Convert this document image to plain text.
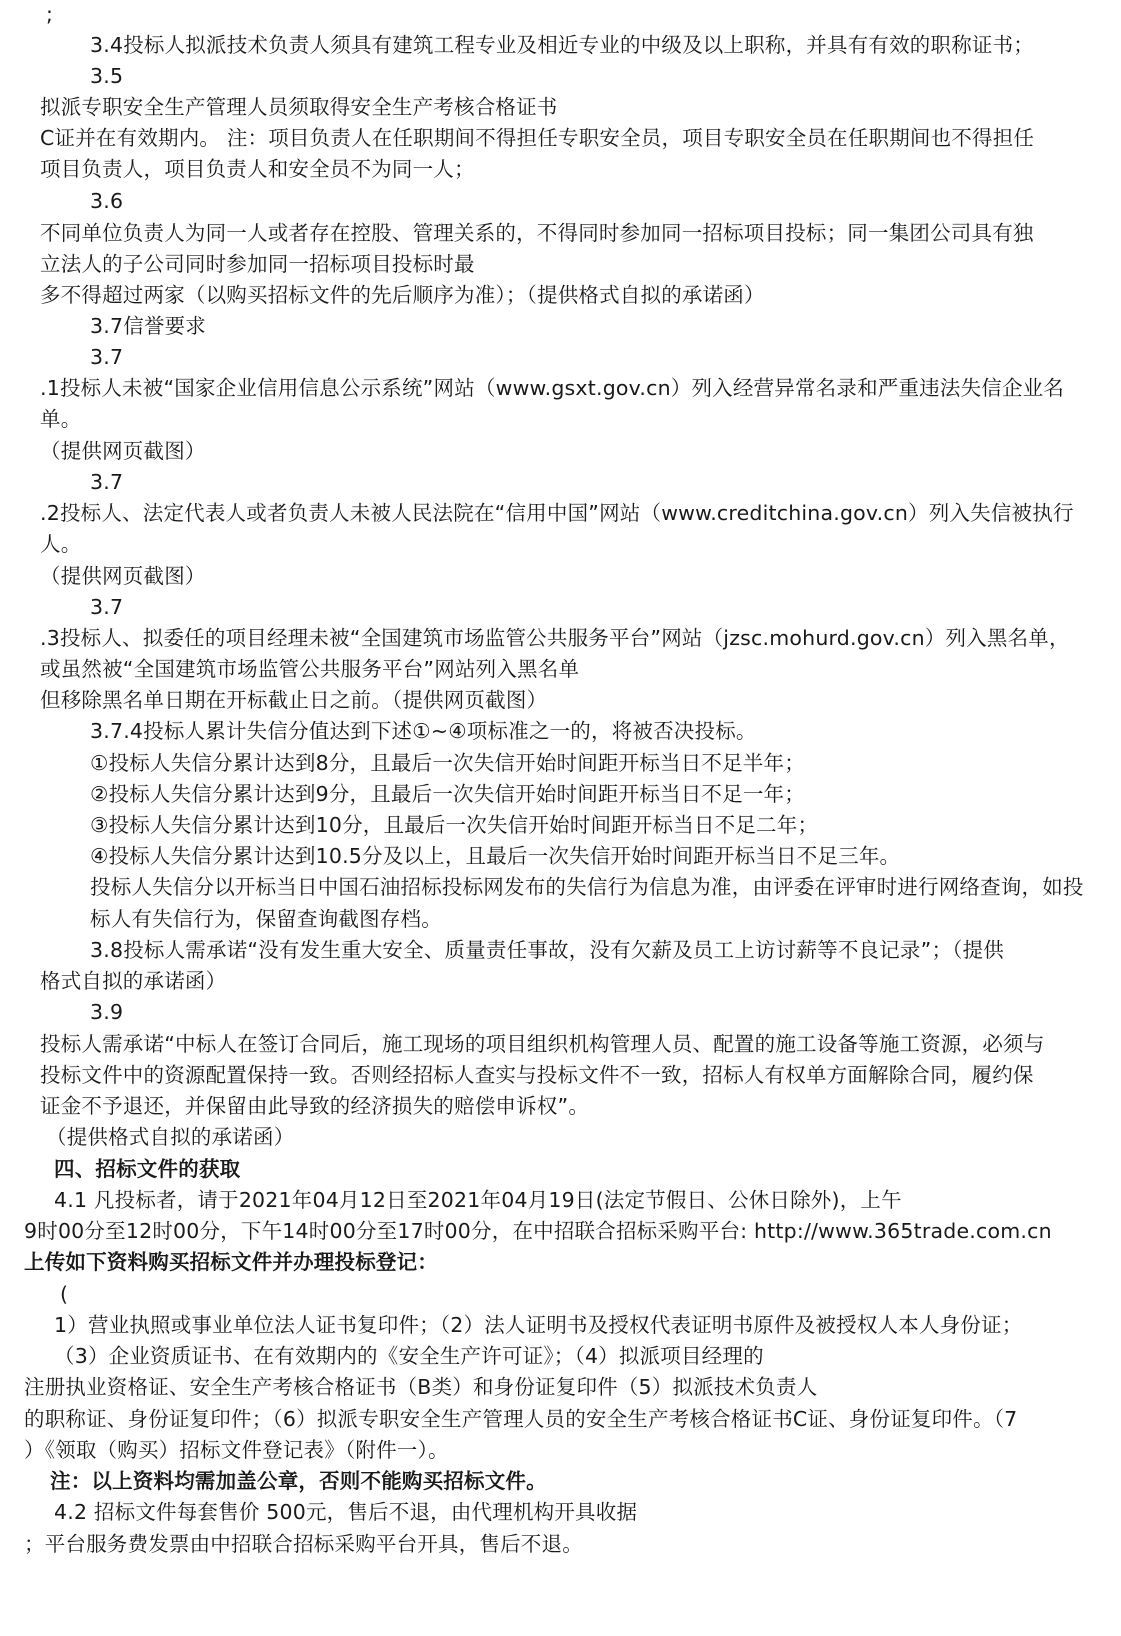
;
3.4投标人拟派技术负责人须具有建筑工程专业及相近专业的中级及以上职称，并具有有效的职称证书；
3.5
拟派专职安全生产管理人员须取得安全生产考核合格证书
C证并在有效期内。 注：项目负责人在任职期间不得担任专职安全员，项目专职安全员在任职期间也不得担任
项目负责人，项目负责人和安全员不为同一人；
3.6
不同单位负责人为同一人或者存在控股、管理关系的，不得同时参加同一招标项目投标；同一集团公司具有独
立法人的子公司同时参加同一招标项目投标时最
多不得超过两家（以购买招标文件的先后顺序为准）；（提供格式自拟的承诺函）
3.7信誉要求
3.7
.1投标人未被“国家企业信用信息公示系统”网站（www.gsxt.gov.cn）列入经营异常名录和严重违法失信企业名
单。
（提供网页截图）
3.7
.2投标人、法定代表人或者负责人未被人民法院在“信用中国”网站（www.creditchina.gov.cn）列入失信被执行
人。
（提供网页截图）
3.7
.3投标人、拟委任的项目经理未被“全国建筑市场监管公共服务平台”网站（jzsc.mohurd.gov.cn）列入黑名单，
或虽然被“全国建筑市场监管公共服务平台”网站列入黑名单
但移除黑名单日期在开标截止日之前。（提供网页截图）
3.7.4投标人累计失信分值达到下述①~④项标准之一的，将被否决投标。
①投标人失信分累计达到8分，且最后一次失信开始时间距开标当日不足半年；
②投标人失信分累计达到9分，且最后一次失信开始时间距开标当日不足一年；
③投标人失信分累计达到10分，且最后一次失信开始时间距开标当日不足二年；
④投标人失信分累计达到10.5分及以上，且最后一次失信开始时间距开标当日不足三年。
投标人失信分以开标当日中国石油招标投标网发布的失信行为信息为准，由评委在评审时进行网络查询，如投
标人有失信行为，保留查询截图存档。
3.8投标人需承诺“没有发生重大安全、质量责任事故，没有欠薪及员工上访讨薪等不良记录”；（提供
格式自拟的承诺函）
3.9
投标人需承诺“中标人在签订合同后，施工现场的项目组织机构管理人员、配置的施工设备等施工资源，必须与
投标文件中的资源配置保持一致。否则经招标人查实与投标文件不一致，招标人有权单方面解除合同，履约保
证金不予退还，并保留由此导致的经济损失的赔偿申诉权”。
（提供格式自拟的承诺函）
四、招标文件的获取
4.1 凡投标者，请于2021年04月12日至2021年04月19日(法定节假日、公休日除外)，上午
9时00分至12时00分，下午14时00分至17时00分，在中招联合招标采购平台: http://www.365trade.com.cn
上传如下资料购买招标文件并办理投标登记：
(
1）营业执照或事业单位法人证书复印件；（2）法人证明书及授权代表证明书原件及被授权人本人身份证；
（3）企业资质证书、在有效期内的《安全生产许可证》；（4）拟派项目经理的
注册执业资格证、安全生产考核合格证书（B类）和身份证复印件（5）拟派技术负责人
的职称证、身份证复印件；（6）拟派专职安全生产管理人员的安全生产考核合格证书C证、身份证复印件。（7
）《领取（购买）招标文件登记表》（附件一）。
注：以上资料均需加盖公章，否则不能购买招标文件。
4.2 招标文件每套售价 500元，售后不退，由代理机构开具收据
；平台服务费发票由中招联合招标采购平台开具，售后不退。
